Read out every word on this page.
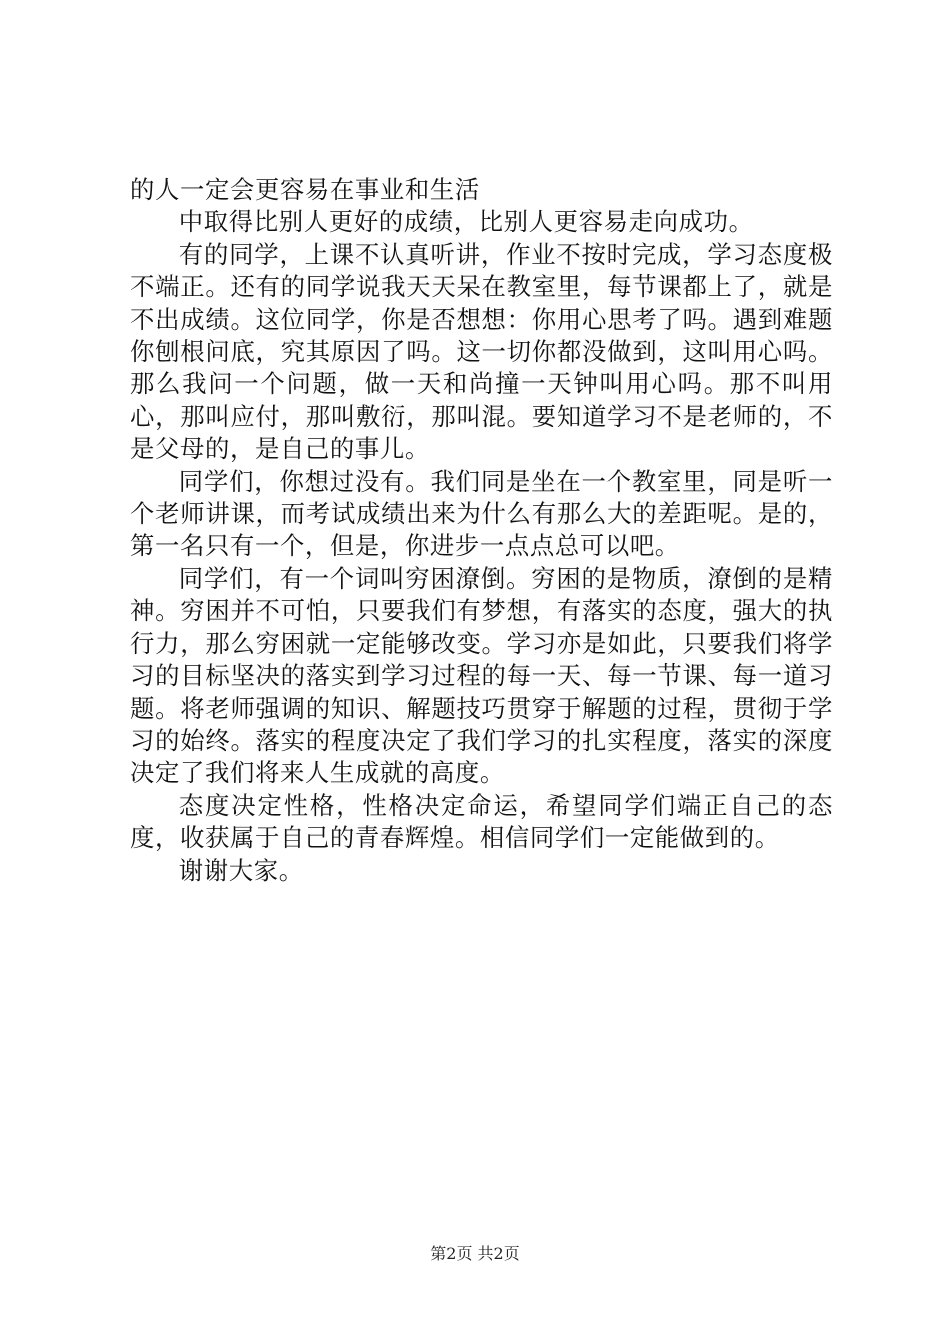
的人一定会更容易在事业和生活

中取得比别人更好的成绩，比别人更容易走向成功。

有的同学，上课不认真听讲，作业不按时完成，学习态度极不端正。还有的同学说我天天呆在教室里，每节课都上了，就是不出成绩。这位同学，你是否想想：你用心思考了吗。遇到难题你刨根问底，究其原因了吗。这一切你都没做到，这叫用心吗。那么我问一个问题，做一天和尚撞一天钟叫用心吗。那不叫用心，那叫应付，那叫敷衍，那叫混。要知道学习不是老师的，不是父母的，是自己的事儿。

同学们，你想过没有。我们同是坐在一个教室里，同是听一个老师讲课，而考试成绩出来为什么有那么大的差距呢。是的，第一名只有一个，但是，你进步一点点总可以吧。

同学们，有一个词叫穷困潦倒。穷困的是物质，潦倒的是精神。穷困并不可怕，只要我们有梦想，有落实的态度，强大的执行力，那么穷困就一定能够改变。学习亦是如此，只要我们将学习的目标坚决的落实到学习过程的每一天、每一节课、每一道习题。将老师强调的知识、解题技巧贯穿于解题的过程，贯彻于学习的始终。落实的程度决定了我们学习的扎实程度，落实的深度决定了我们将来人生成就的高度。

态度决定性格，性格决定命运，希望同学们端正自己的态度，收获属于自己的青春辉煌。相信同学们一定能做到的。

谢谢大家。

第2页 共2页
